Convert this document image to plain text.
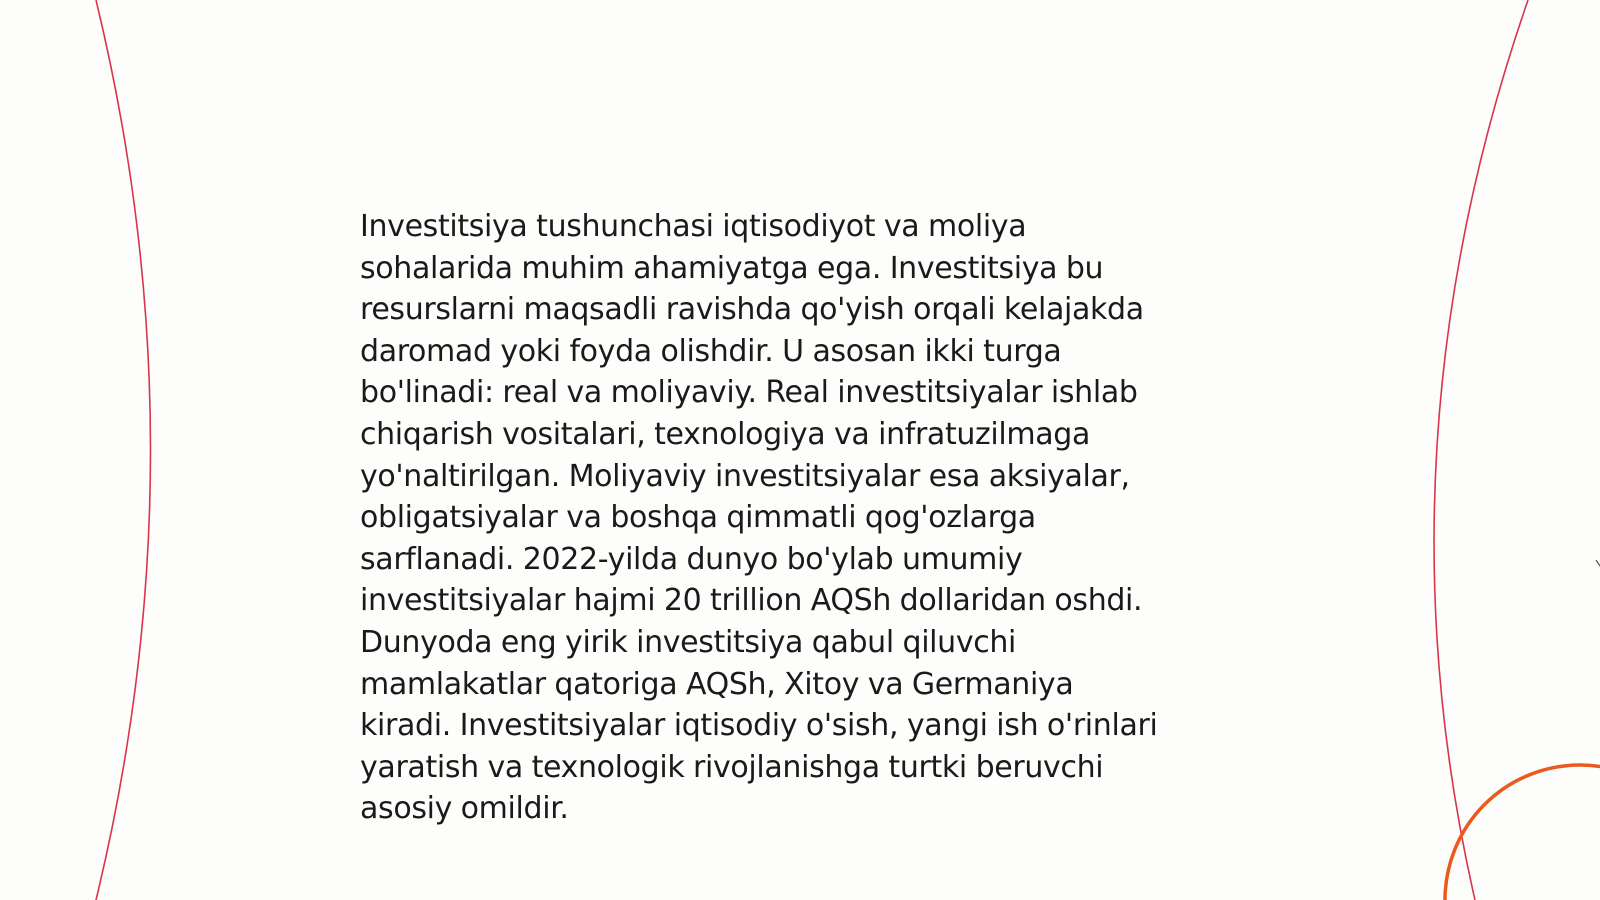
Investitsiya tushunchasi iqtisodiyot va moliya
sohalarida muhim ahamiyatga ega. Investitsiya bu
resurslarni maqsadli ravishda qo'yish orqali kelajakda
daromad yoki foyda olishdir. U asosan ikki turga
bo'linadi: real va moliyaviy. Real investitsiyalar ishlab
chiqarish vositalari, texnologiya va infratuzilmaga
yo'naltirilgan. Moliyaviy investitsiyalar esa aksiyalar,
obligatsiyalar va boshqa qimmatli qog'ozlarga
sarflanadi. 2022-yilda dunyo bo'ylab umumiy
investitsiyalar hajmi 20 trillion AQSh dollaridan oshdi.
Dunyoda eng yirik investitsiya qabul qiluvchi
mamlakatlar qatoriga AQSh, Xitoy va Germaniya
kiradi. Investitsiyalar iqtisodiy o'sish, yangi ish o'rinlari
yaratish va texnologik rivojlanishga turtki beruvchi
asosiy omildir.
